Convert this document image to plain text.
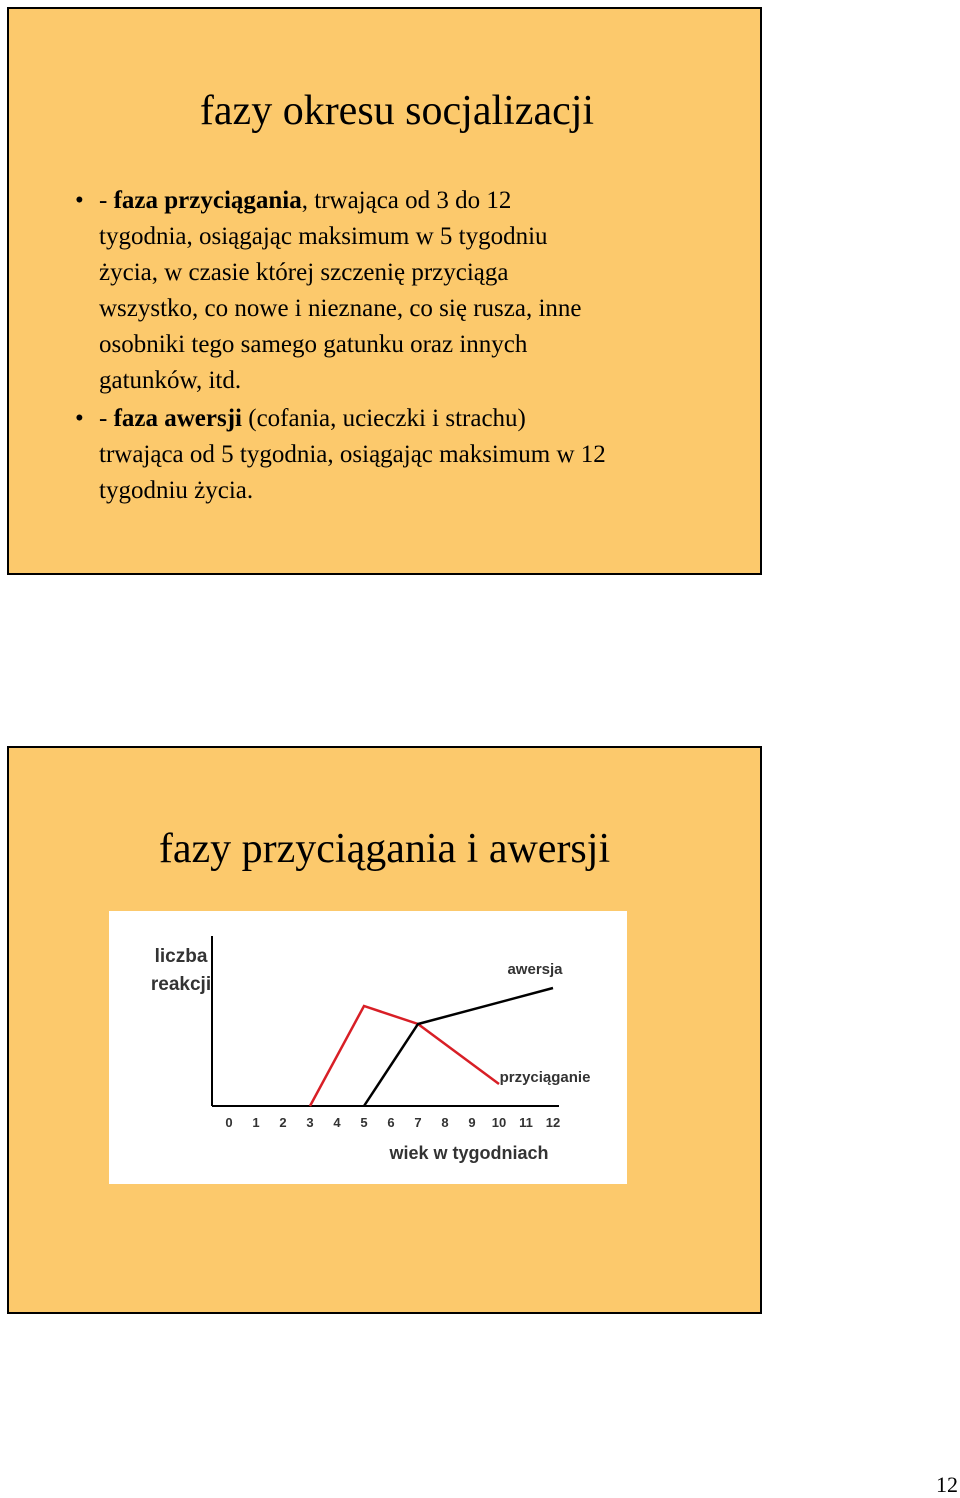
fazy okresu socjalizacji
• - faza przyciągania, trwająca od 3 do 12
tygodnia, osiągając maksimum w 5 tygodniu
życia, w czasie której szczenię przyciąga
wszystko, co nowe i nieznane, co się rusza, inne
osobniki tego samego gatunku oraz innych
gatunków, itd.
• - faza awersji (cofania, ucieczki i strachu)
trwająca od 5 tygodnia, osiągając maksimum w 12
tygodniu życia.
fazy przyciągania i awersji
liczba
reakcji
0 1 2 3 4 5 6 7 8 9 10 11 12
wiek w tygodniach
przyciąganie
awersja
12
